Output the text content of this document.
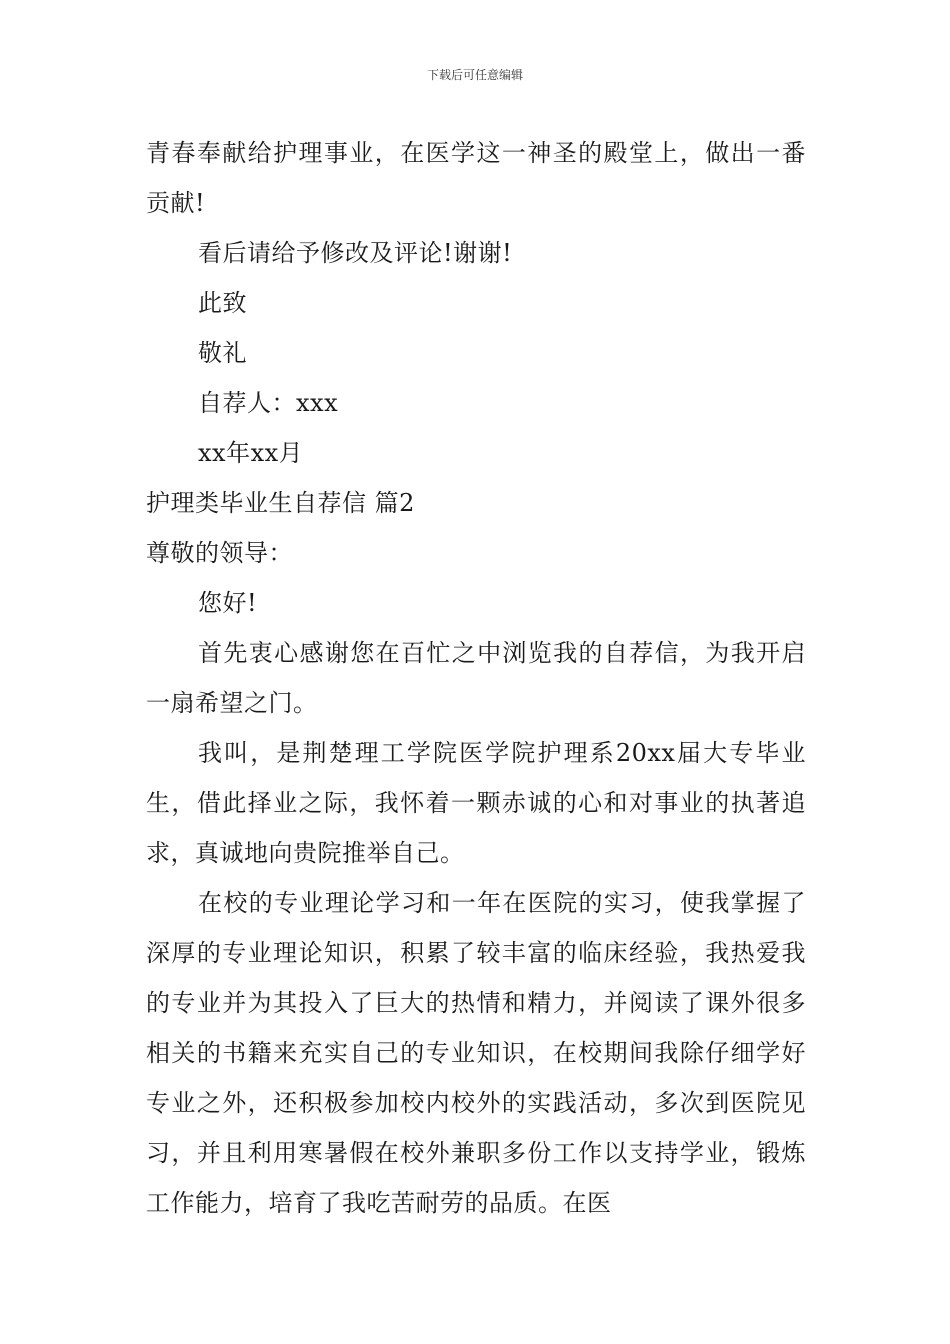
下载后可任意编辑

青春奉献给护理事业，在医学这一神圣的殿堂上，做出一番贡献!

看后请给予修改及评论!谢谢!

此致

敬礼

自荐人：xxx

xx年xx月

护理类毕业生自荐信 篇2

尊敬的领导：

您好!

首先衷心感谢您在百忙之中浏览我的自荐信，为我开启一扇希望之门。

我叫，是荆楚理工学院医学院护理系20xx届大专毕业生，借此择业之际，我怀着一颗赤诚的心和对事业的执著追求，真诚地向贵院推举自己。

在校的专业理论学习和一年在医院的实习，使我掌握了深厚的专业理论知识，积累了较丰富的临床经验，我热爱我的专业并为其投入了巨大的热情和精力，并阅读了课外很多相关的书籍来充实自己的专业知识，在校期间我除仔细学好专业之外，还积极参加校内校外的实践活动，多次到医院见习，并且利用寒暑假在校外兼职多份工作以支持学业，锻炼工作能力，培育了我吃苦耐劳的品质。在医
